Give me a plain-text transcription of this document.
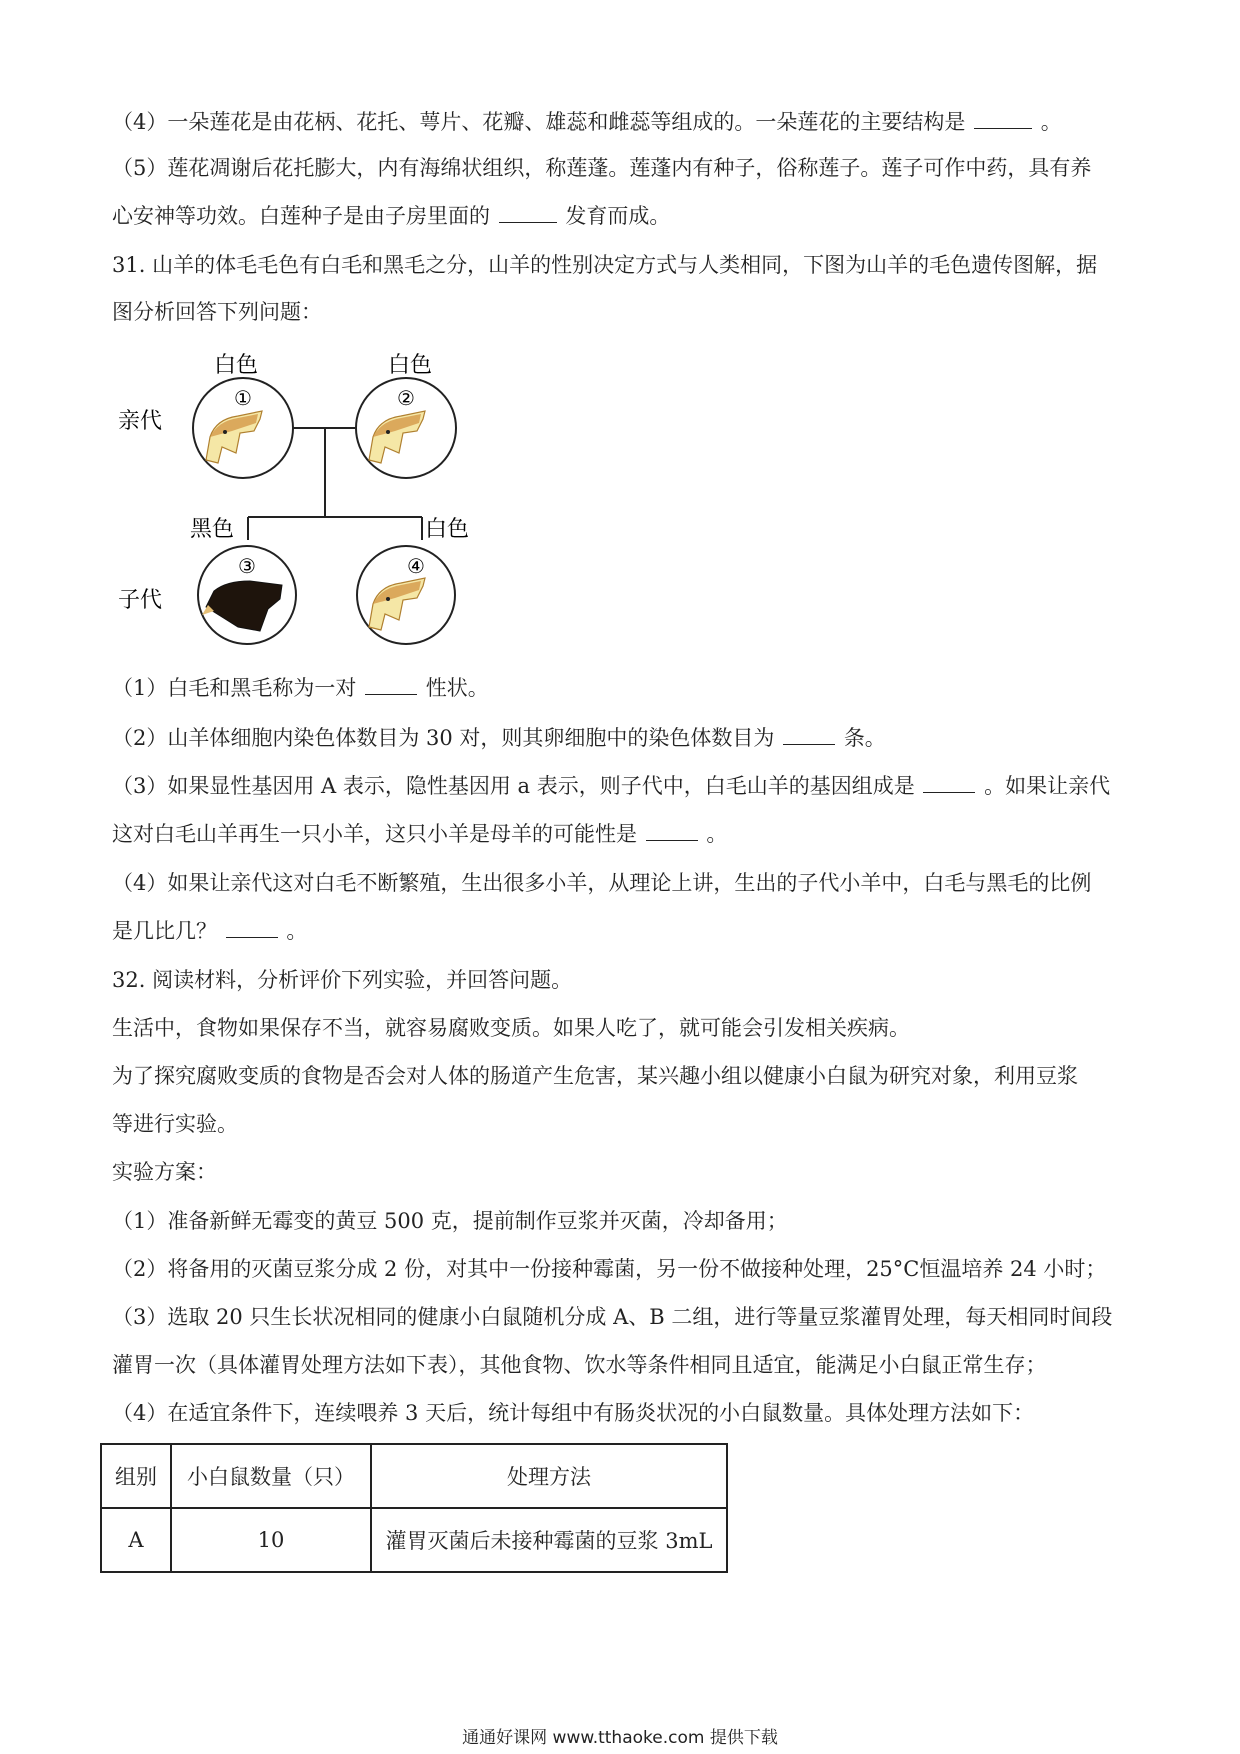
（4）一朵莲花是由花柄、花托、萼片、花瓣、雄蕊和雌蕊等组成的。一朵莲花的主要结构是	。
（5）莲花凋谢后花托膨大，内有海绵状组织，称莲蓬。莲蓬内有种子，俗称莲子。莲子可作中药，具有养
心安神等功效。白莲种子是由子房里面的	发育而成。
31. 山羊的体毛毛色有白毛和黑毛之分，山羊的性别决定方式与人类相同，下图为山羊的毛色遗传图解，据
图分析回答下列问题：
亲代
子代
白色	白色
黑色	白色
①	②
③	④
（1）白毛和黑毛称为一对	性状。
（2）山羊体细胞内染色体数目为 30 对，则其卵细胞中的染色体数目为	条。
（3）如果显性基因用 A 表示，隐性基因用 a 表示，则子代中，白毛山羊的基因组成是	。如果让亲代
这对白毛山羊再生一只小羊，这只小羊是母羊的可能性是	。
（4）如果让亲代这对白毛不断繁殖，生出很多小羊，从理论上讲，生出的子代小羊中，白毛与黑毛的比例
是几比几？	。
32. 阅读材料，分析评价下列实验，并回答问题。
生活中，食物如果保存不当，就容易腐败变质。如果人吃了，就可能会引发相关疾病。
为了探究腐败变质的食物是否会对人体的肠道产生危害，某兴趣小组以健康小白鼠为研究对象，利用豆浆
等进行实验。
实验方案：
（1）准备新鲜无霉变的黄豆 500 克，提前制作豆浆并灭菌，冷却备用；
（2）将备用的灭菌豆浆分成 2 份，对其中一份接种霉菌，另一份不做接种处理，25°C恒温培养 24 小时；
（3）选取 20 只生长状况相同的健康小白鼠随机分成 A、B 二组，进行等量豆浆灌胃处理，每天相同时间段
灌胃一次（具体灌胃处理方法如下表），其他食物、饮水等条件相同且适宜，能满足小白鼠正常生存；
（4）在适宜条件下，连续喂养 3 天后，统计每组中有肠炎状况的小白鼠数量。具体处理方法如下：
组别	小白鼠数量（只）	处理方法
A	10	灌胃灭菌后未接种霉菌的豆浆 3mL
通通好课网 www.tthaoke.com 提供下载
